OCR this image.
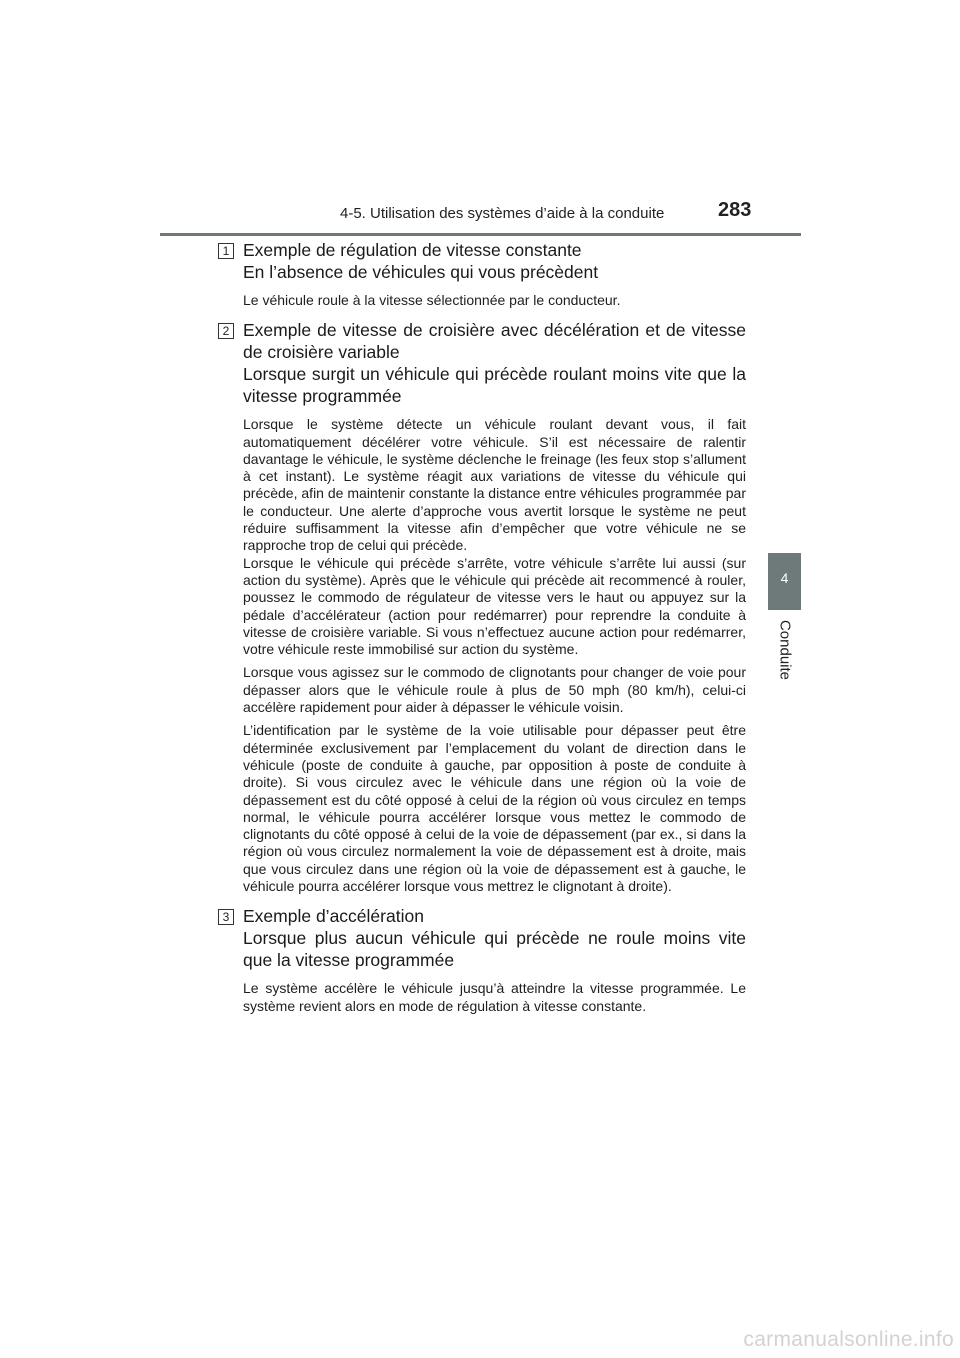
4-5. Utilisation des systèmes d’aide à la conduite	283
4
Conduite
1 Exemple de régulation de vitesse constante
En l’absence de véhicules qui vous précèdent

Le véhicule roule à la vitesse sélectionnée par le conducteur.

2 Exemple de vitesse de croisière avec décélération et de vitesse de croisière variable
Lorsque surgit un véhicule qui précède roulant moins vite que la vitesse programmée

Lorsque le système détecte un véhicule roulant devant vous, il fait automatiquement décélérer votre véhicule. S’il est nécessaire de ralentir davantage le véhicule, le système déclenche le freinage (les feux stop s’allument à cet instant). Le système réagit aux variations de vitesse du véhicule qui précède, afin de maintenir constante la distance entre véhicules programmée par le conducteur. Une alerte d’approche vous avertit lorsque le système ne peut réduire suffisamment la vitesse afin d’empêcher que votre véhicule ne se rapproche trop de celui qui précède.

Lorsque le véhicule qui précède s’arrête, votre véhicule s’arrête lui aussi (sur action du système). Après que le véhicule qui précède ait recommencé à rouler, poussez le commodo de régulateur de vitesse vers le haut ou appuyez sur la pédale d’accélérateur (action pour redémarrer) pour reprendre la conduite à vitesse de croisière variable. Si vous n’effectuez aucune action pour redémarrer, votre véhicule reste immobilisé sur action du système.

Lorsque vous agissez sur le commodo de clignotants pour changer de voie pour dépasser alors que le véhicule roule à plus de 50 mph (80 km/h), celui-ci accélère rapidement pour aider à dépasser le véhicule voisin.

L’identification par le système de la voie utilisable pour dépasser peut être déterminée exclusivement par l’emplacement du volant de direction dans le véhicule (poste de conduite à gauche, par opposition à poste de conduite à droite). Si vous circulez avec le véhicule dans une région où la voie de dépassement est du côté opposé à celui de la région où vous circulez en temps normal, le véhicule pourra accélérer lorsque vous mettez le commodo de clignotants du côté opposé à celui de la voie de dépassement (par ex., si dans la région où vous circulez normalement la voie de dépassement est à droite, mais que vous circulez dans une région où la voie de dépassement est à gauche, le véhicule pourra accélérer lorsque vous mettrez le clignotant à droite).

3 Exemple d’accélération
Lorsque plus aucun véhicule qui précède ne roule moins vite que la vitesse programmée

Le système accélère le véhicule jusqu’à atteindre la vitesse programmée. Le système revient alors en mode de régulation à vitesse constante.

carmanualsonline.info
